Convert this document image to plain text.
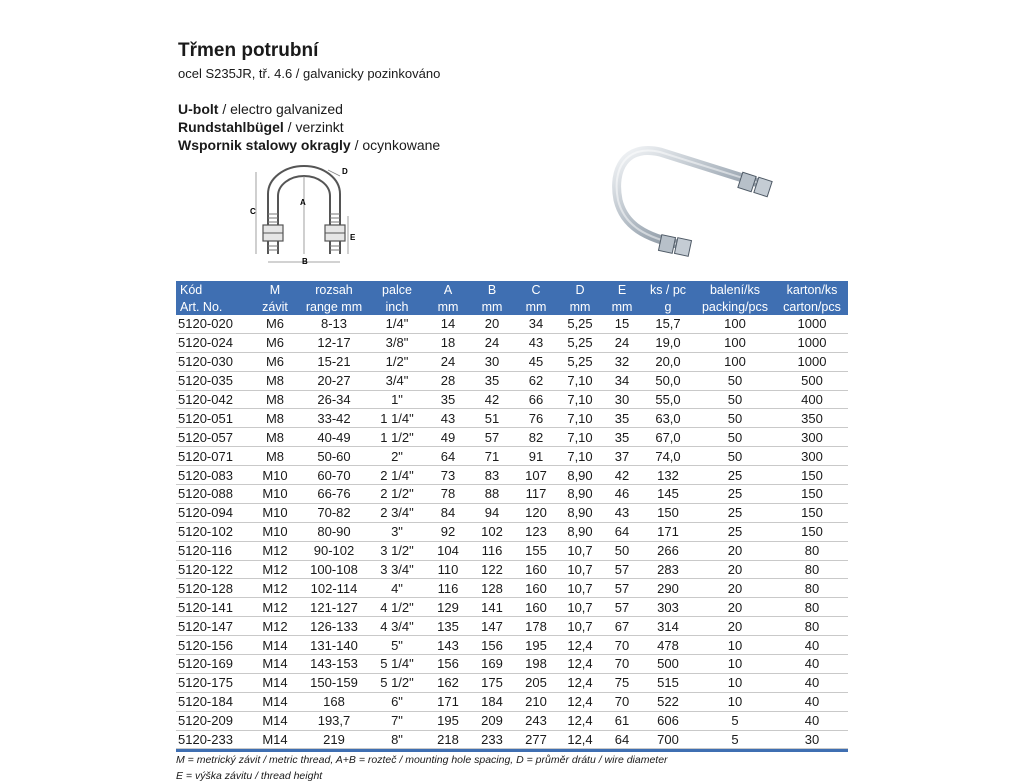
Třmen potrubní
ocel S235JR, tř. 4.6 / galvanicky pozinkováno
U-bolt / electro galvanized
Rundstahlbügel / verzinkt
Wspornik stalowy okragly / ocynkowane
C
A
B
E
D
Kód	M	rozsah	palce	A	B	C	D	E	ks / pc	balení/ks	karton/ks
Art. No.	závit	range mm	inch	mm	mm	mm	mm	mm	g	packing/pcs	carton/pcs
5120-020	M6	8-13	1/4"	14	20	34	5,25	15	15,7	100	1000
5120-024	M6	12-17	3/8"	18	24	43	5,25	24	19,0	100	1000
5120-030	M6	15-21	1/2"	24	30	45	5,25	32	20,0	100	1000
5120-035	M8	20-27	3/4"	28	35	62	7,10	34	50,0	50	500
5120-042	M8	26-34	1"	35	42	66	7,10	30	55,0	50	400
5120-051	M8	33-42	1 1/4"	43	51	76	7,10	35	63,0	50	350
5120-057	M8	40-49	1 1/2"	49	57	82	7,10	35	67,0	50	300
5120-071	M8	50-60	2"	64	71	91	7,10	37	74,0	50	300
5120-083	M10	60-70	2 1/4"	73	83	107	8,90	42	132	25	150
5120-088	M10	66-76	2 1/2"	78	88	117	8,90	46	145	25	150
5120-094	M10	70-82	2 3/4"	84	94	120	8,90	43	150	25	150
5120-102	M10	80-90	3"	92	102	123	8,90	64	171	25	150
5120-116	M12	90-102	3 1/2"	104	116	155	10,7	50	266	20	80
5120-122	M12	100-108	3 3/4"	110	122	160	10,7	57	283	20	80
5120-128	M12	102-114	4"	116	128	160	10,7	57	290	20	80
5120-141	M12	121-127	4 1/2"	129	141	160	10,7	57	303	20	80
5120-147	M12	126-133	4 3/4"	135	147	178	10,7	67	314	20	80
5120-156	M14	131-140	5"	143	156	195	12,4	70	478	10	40
5120-169	M14	143-153	5 1/4"	156	169	198	12,4	70	500	10	40
5120-175	M14	150-159	5 1/2"	162	175	205	12,4	75	515	10	40
5120-184	M14	168	6"	171	184	210	12,4	70	522	10	40
5120-209	M14	193,7	7"	195	209	243	12,4	61	606	5	40
5120-233	M14	219	8"	218	233	277	12,4	64	700	5	30
M = metrický závit / metric thread, A+B = rozteč / mounting hole spacing, D = průměr drátu / wire diameter
E = výška závitu / thread height
